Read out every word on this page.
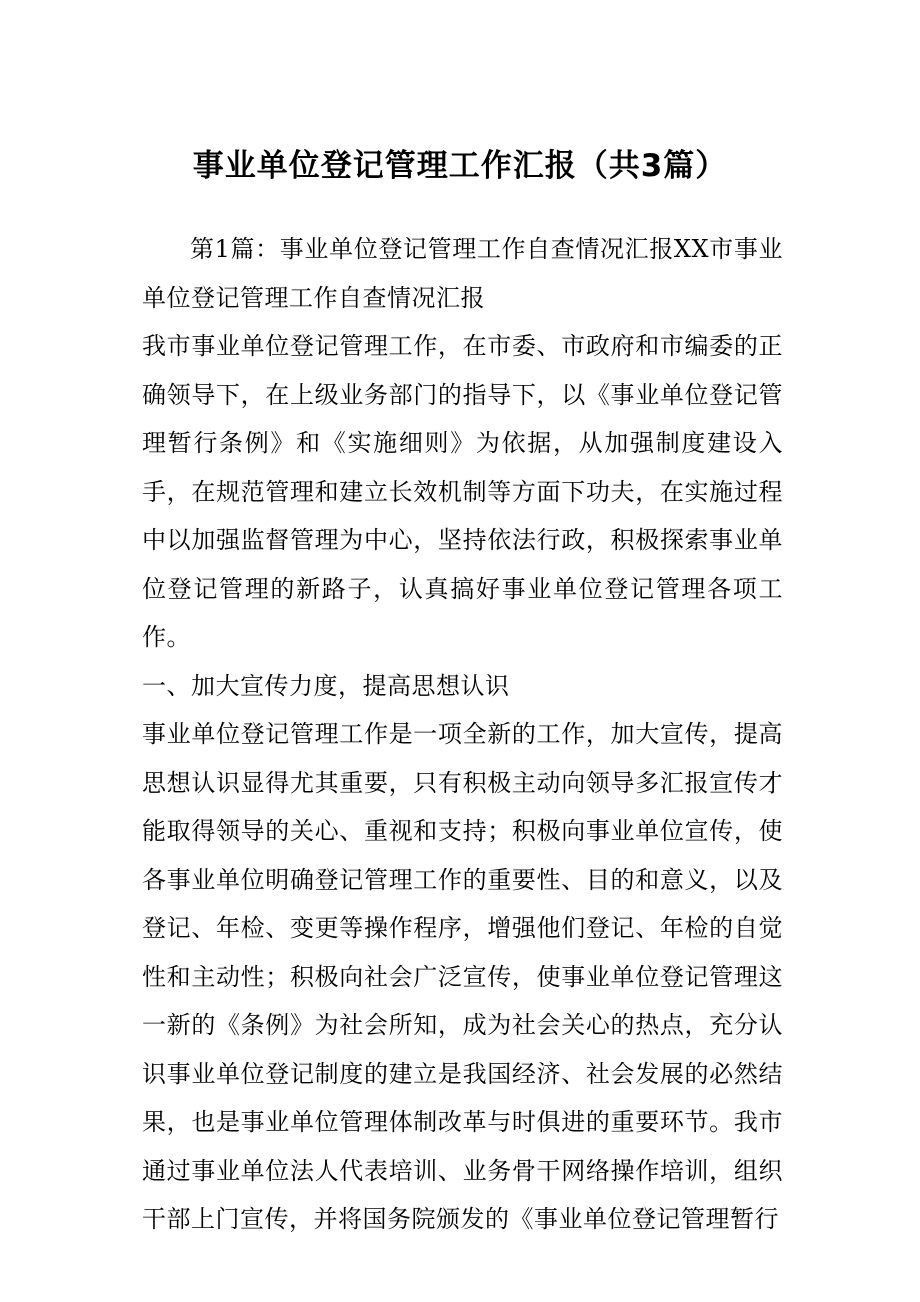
事业单位登记管理工作汇报（共3篇）

第1篇：事业单位登记管理工作自查情况汇报XX市事业单位登记管理工作自查情况汇报

我市事业单位登记管理工作，在市委、市政府和市编委的正确领导下，在上级业务部门的指导下，以《事业单位登记管理暂行条例》和《实施细则》为依据，从加强制度建设入手，在规范管理和建立长效机制等方面下功夫，在实施过程中以加强监督管理为中心，坚持依法行政，积极探索事业单位登记管理的新路子，认真搞好事业单位登记管理各项工作。

一、加大宣传力度，提高思想认识

事业单位登记管理工作是一项全新的工作，加大宣传，提高思想认识显得尤其重要，只有积极主动向领导多汇报宣传才能取得领导的关心、重视和支持；积极向事业单位宣传，使各事业单位明确登记管理工作的重要性、目的和意义，以及登记、年检、变更等操作程序，增强他们登记、年检的自觉性和主动性；积极向社会广泛宣传，使事业单位登记管理这一新的《条例》为社会所知，成为社会关心的热点，充分认识事业单位登记制度的建立是我国经济、社会发展的必然结果，也是事业单位管理体制改革与时俱进的重要环节。我市通过事业单位法人代表培训、业务骨干网络操作培训，组织干部上门宣传，并将国务院颁发的《事业单位登记管理暂行
